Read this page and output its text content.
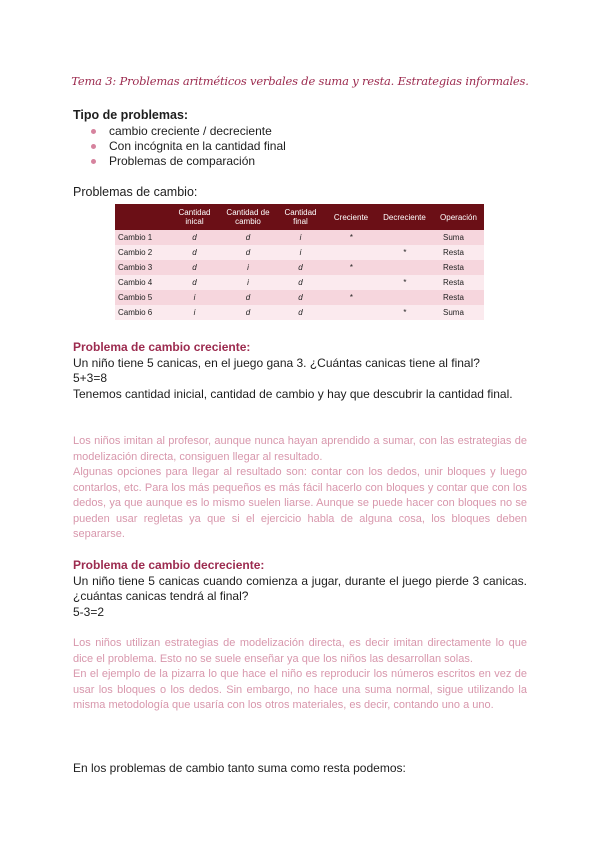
Tema 3: Problemas aritméticos verbales de suma y resta. Estrategias informales.
Tipo de problemas:
cambio creciente / decreciente
Con incógnita en la cantidad final
Problemas de comparación
Problemas de cambio:
	Cantidad inical	Cantidad de cambio	Cantidad final	Creciente	Decreciente	Operación
Cambio 1	d	d	i	*		Suma
Cambio 2	d	d	i		*	Resta
Cambio 3	d	i	d	*		Resta
Cambio 4	d	i	d		*	Resta
Cambio 5	i	d	d	*		Resta
Cambio 6	i	d	d		*	Suma

Problema de cambio creciente:

Un niño tiene 5 canicas, en el juego gana 3. ¿Cuántas canicas tiene al final?

5+3=8

Tenemos cantidad inicial, cantidad de cambio y hay que descubrir la cantidad final.

Los niños imitan al profesor, aunque nunca hayan aprendido a sumar, con las estrategias de modelización directa, consiguen llegar al resultado.

Algunas opciones para llegar al resultado son: contar con los dedos, unir bloques y luego contarlos, etc. Para los más pequeños es más fácil hacerlo con bloques y contar que con los dedos, ya que aunque es lo mismo suelen liarse. Aunque se puede hacer con bloques no se pueden usar regletas ya que si el ejercicio habla de alguna cosa, los bloques deben separarse.

Problema de cambio decreciente:

Un niño tiene 5 canicas cuando comienza a jugar, durante el juego pierde 3 canicas. ¿cuántas canicas tendrá al final?

5-3=2

Los niños utilizan estrategias de modelización directa, es decir imitan directamente lo que dice el problema. Esto no se suele enseñar ya que los niños las desarrollan solas.

En el ejemplo de la pizarra lo que hace el niño es reproducir los números escritos en vez de usar los bloques o los dedos. Sin embargo, no hace una suma normal, sigue utilizando la misma metodología que usaría con los otros materiales, es decir, contando uno a uno.

En los problemas de cambio tanto suma como resta podemos:
